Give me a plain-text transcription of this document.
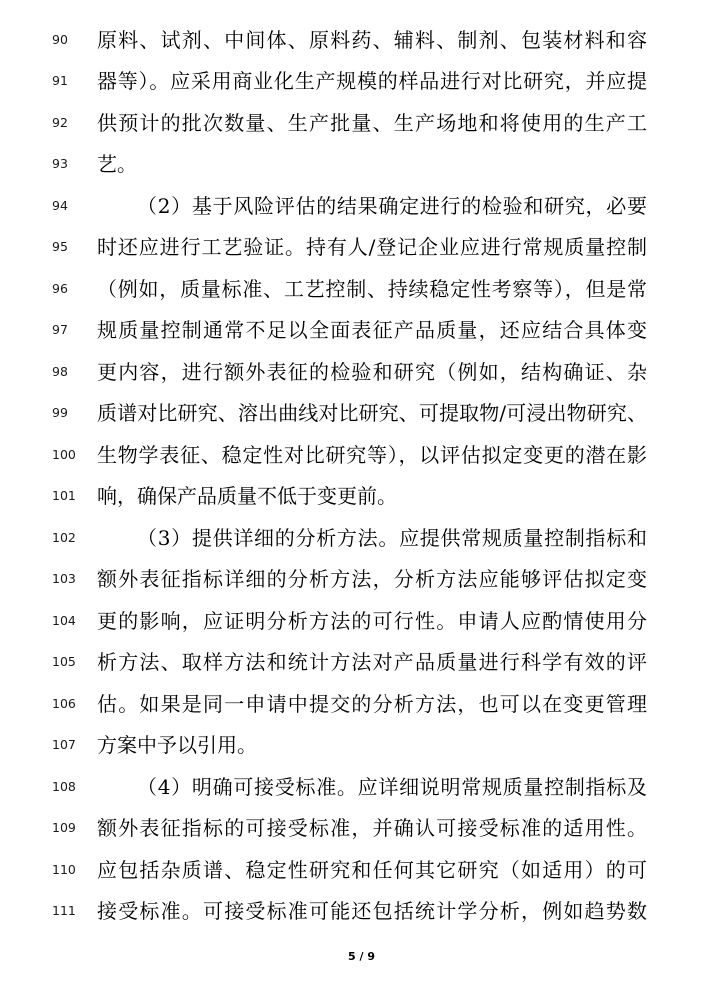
90	原料、试剂、中间体、原料药、辅料、制剂、包装材料和容
91	器等）。应采用商业化生产规模的样品进行对比研究，并应提
92	供预计的批次数量、生产批量、生产场地和将使用的生产工
93	艺。
94	（2）基于风险评估的结果确定进行的检验和研究，必要
95	时还应进行工艺验证。持有人/登记企业应进行常规质量控制
96	（例如，质量标准、工艺控制、持续稳定性考察等），但是常
97	规质量控制通常不足以全面表征产品质量，还应结合具体变
98	更内容，进行额外表征的检验和研究（例如，结构确证、杂
99	质谱对比研究、溶出曲线对比研究、可提取物/可浸出物研究、
100 生物学表征、稳定性对比研究等），以评估拟定变更的潜在影
101 响，确保产品质量不低于变更前。
102	（3）提供详细的分析方法。应提供常规质量控制指标和
103 额外表征指标详细的分析方法，分析方法应能够评估拟定变
104 更的影响，应证明分析方法的可行性。申请人应酌情使用分
105 析方法、取样方法和统计方法对产品质量进行科学有效的评
106 估。如果是同一申请中提交的分析方法，也可以在变更管理
107 方案中予以引用。
108	（4）明确可接受标准。应详细说明常规质量控制指标及
109 额外表征指标的可接受标准，并确认可接受标准的适用性。
110 应包括杂质谱、稳定性研究和任何其它研究（如适用）的可
111 接受标准。可接受标准可能还包括统计学分析，例如趋势数
5 / 9
